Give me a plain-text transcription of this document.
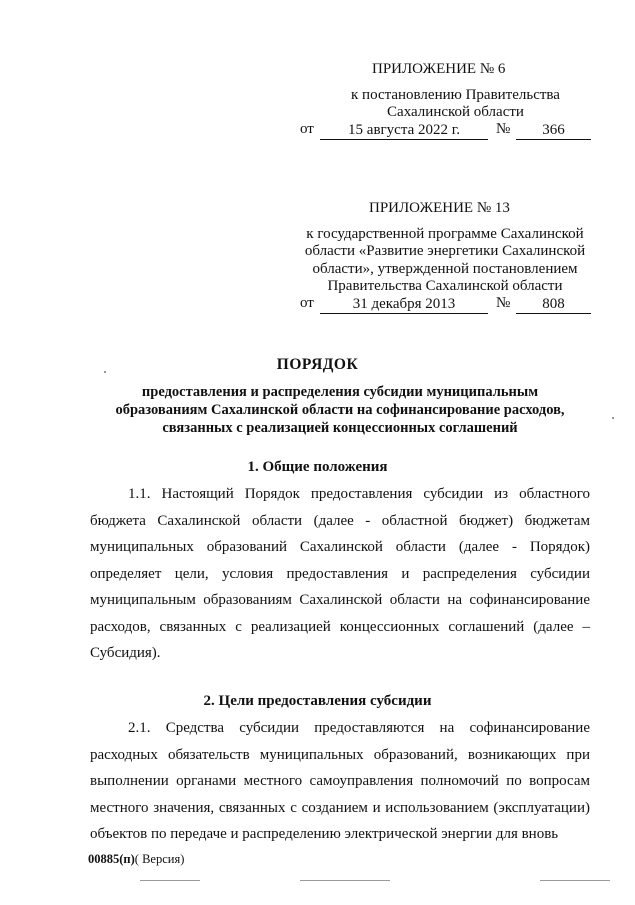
ПРИЛОЖЕНИЕ № 6
к постановлению Правительства
Сахалинской области
от	15 августа 2022 г.	№	366
ПРИЛОЖЕНИЕ № 13
к государственной программе Сахалинской
области «Развитие энергетики Сахалинской
области», утвержденной постановлением
Правительства Сахалинской области
от	31 декабря 2013	№	808
ПОРЯДОК
предоставления и распределения субсидии муниципальным
образованиям Сахалинской области на софинансирование расходов,
связанных с реализацией концессионных соглашений
1. Общие положения

1.1. Настоящий Порядок предоставления субсидии из областного бюджета Сахалинской области (далее - областной бюджет) бюджетам муниципальных образований Сахалинской области (далее - Порядок) определяет цели, условия предоставления и распределения субсидии муниципальным образованиям Сахалинской области на софинансирование расходов, связанных с реализацией концессионных соглашений (далее – Субсидия).

2. Цели предоставления субсидии

2.1. Средства субсидии предоставляются на софинансирование расходных обязательств муниципальных образований, возникающих при выполнении органами местного самоуправления полномочий по вопросам местного значения, связанных с созданием и использованием (эксплуатации) объектов по передаче и распределению электрической энергии для вновь

00885(п)( Версия)
